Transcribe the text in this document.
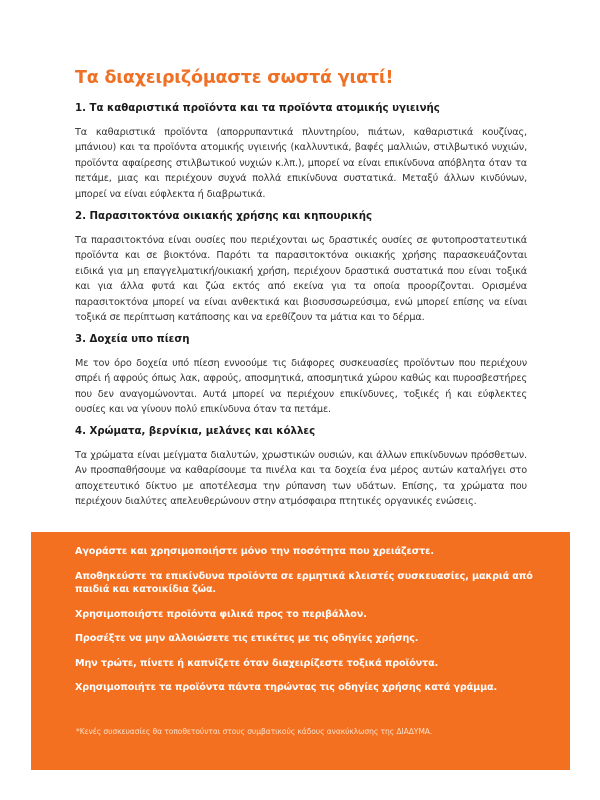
Τα διαχειριζόμαστε σωστά γιατί!

1. Τα καθαριστικά προϊόντα και τα προϊόντα ατομικής υγιεινής

Τα καθαριστικά προϊόντα (απορρυπαντικά πλυντηρίου, πιάτων, καθαριστικά κουζίνας, μπάνιου) και τα προϊόντα ατομικής υγιεινής (καλλυντικά, βαφές μαλλιών, στιλβωτικό νυχιών, προϊόντα αφαίρεσης στιλβωτικού νυχιών κ.λπ.), μπορεί να είναι επικίνδυνα απόβλητα όταν τα πετάμε, μιας και περιέχουν συχνά πολλά επικίνδυνα συστατικά. Μεταξύ άλλων κινδύνων, μπορεί να είναι εύφλεκτα ή διαβρωτικά.

2. Παρασιτοκτόνα οικιακής χρήσης και κηπουρικής

Τα παρασιτοκτόνα είναι ουσίες που περιέχονται ως δραστικές ουσίες σε φυτοπροστατευτικά προϊόντα και σε βιοκτόνα. Παρότι τα παρασιτοκτόνα οικιακής χρήσης παρασκευάζονται ειδικά για μη επαγγελματική/οικιακή χρήση, περιέχουν δραστικά συστατικά που είναι τοξικά και για άλλα φυτά και ζώα εκτός από εκείνα για τα οποία προορίζονται. Ορισμένα παρασιτοκτόνα μπορεί να είναι ανθεκτικά και βιοσυσσωρεύσιμα, ενώ μπορεί επίσης να είναι τοξικά σε περίπτωση κατάποσης και να ερεθίζουν τα μάτια και το δέρμα.

3. Δοχεία υπο πίεση

Με τον όρο δοχεία υπό πίεση εννοούμε τις διάφορες συσκευασίες προϊόντων που περιέχουν σπρέι ή αφρούς όπως λακ, αφρούς, αποσμητικά, αποσμητικά χώρου καθώς και πυροσβεστήρες που δεν αναγομώνονται. Αυτά μπορεί να περιέχουν επικίνδυνες, τοξικές ή και εύφλεκτες ουσίες και να γίνουν πολύ επικίνδυνα όταν τα πετάμε.

4. Χρώματα, βερνίκια, μελάνες και κόλλες

Τα χρώματα είναι μείγματα διαλυτών, χρωστικών ουσιών, και άλλων επικίνδυνων πρόσθετων. Αν προσπαθήσουμε να καθαρίσουμε τα πινέλα και τα δοχεία ένα μέρος αυτών καταλήγει στο αποχετευτικό δίκτυο με αποτέλεσμα την ρύπανση των υδάτων. Επίσης, τα χρώματα που περιέχουν διαλύτες απελευθερώνουν στην ατμόσφαιρα πτητικές οργανικές ενώσεις.

Αγοράστε και χρησιμοποιήστε μόνο την ποσότητα που χρειάζεστε.

Αποθηκεύστε τα επικίνδυνα προϊόντα σε ερμητικά κλειστές συσκευασίες, μακριά από παιδιά και κατοικίδια ζώα.

Χρησιμοποιήστε προϊόντα φιλικά προς το περιβάλλον.

Προσέξτε να μην αλλοιώσετε τις ετικέτες με τις οδηγίες χρήσης.

Μην τρώτε, πίνετε ή καπνίζετε όταν διαχειρίζεστε τοξικά προϊόντα.

Χρησιμοποιήτε τα προϊόντα πάντα τηρώντας τις οδηγίες χρήσης κατά γράμμα.

*Κενές συσκευασίες θα τοποθετούνται στους συμβατικούς κάδους ανακύκλωσης της ΔΙΑΔΥΜΑ.
